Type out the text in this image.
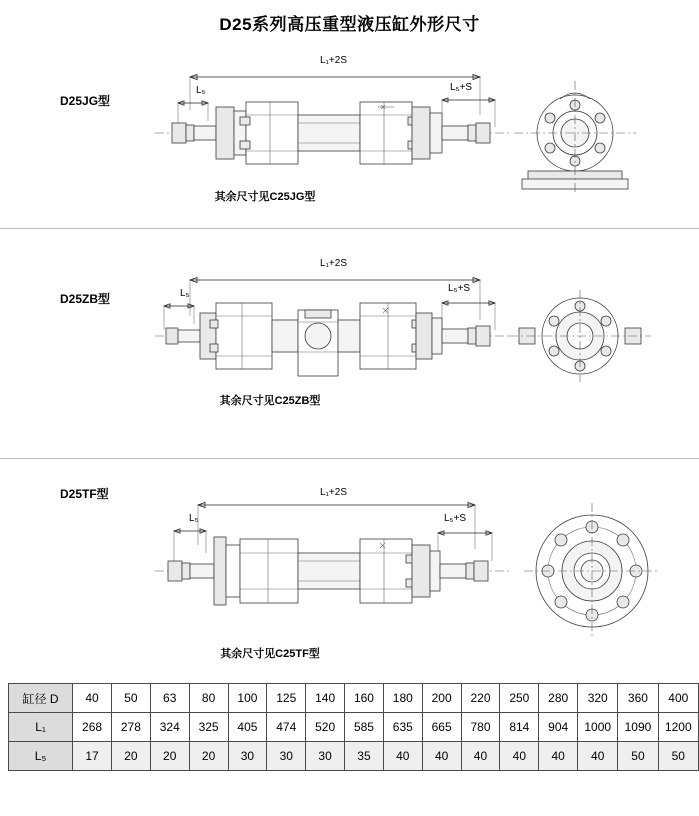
D25系列高压重型液压缸外形尺寸
D25JG型
L₁+2S
L₅	L₅+S
其余尺寸见C25JG型
D25ZB型
L₁+2S
L₅	L₅+S
其余尺寸见C25ZB型
D25TF型	L₁+2S
L₅	L₅+S
其余尺寸见C25TF型
缸径 D	40	50	63	80	100	125	140	160	180	200	220	250	280	320	360	400
L₁	268	278	324	325	405	474	520	585	635	665	780	814	904	1000	1090	1200
L₅	17	20	20	20	30	30	30	35	40	40	40	40	40	40	50	50
